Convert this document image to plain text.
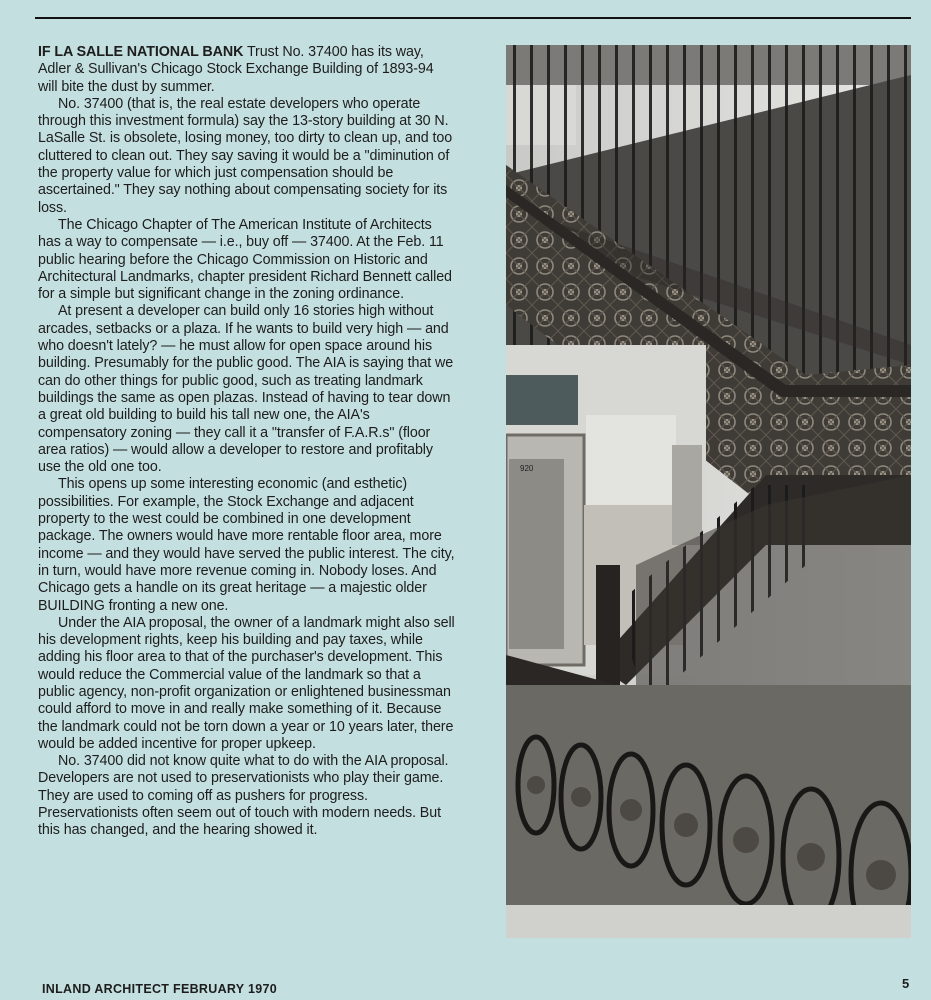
IF LA SALLE NATIONAL BANK Trust No. 37400 has its way, Adler & Sullivan's Chicago Stock Exchange Building of 1893-94 will bite the dust by summer.

No. 37400 (that is, the real estate developers who operate through this investment formula) say the 13-story building at 30 N. LaSalle St. is obsolete, losing money, too dirty to clean up, and too cluttered to clean out. They say saving it would be a "diminution of the property value for which just compensation should be ascertained." They say nothing about compensating society for its loss.

The Chicago Chapter of The American Institute of Architects has a way to compensate — i.e., buy off — 37400. At the Feb. 11 public hearing before the Chicago Commission on Historic and Architectural Landmarks, chapter president Richard Bennett called for a simple but significant change in the zoning ordinance.

At present a developer can build only 16 stories high without arcades, setbacks or a plaza. If he wants to build very high — and who doesn't lately? — he must allow for open space around his building. Presumably for the public good. The AIA is saying that we can do other things for public good, such as treating landmark buildings the same as open plazas. Instead of having to tear down a great old building to build his tall new one, the AIA's compensatory zoning — they call it a "transfer of F.A.R.s" (floor area ratios) — would allow a developer to restore and profitably use the old one too.

This opens up some interesting economic (and esthetic) possibilities. For example, the Stock Exchange and adjacent property to the west could be combined in one development package. The owners would have more rentable floor area, more income — and they would have served the public interest. The city, in turn, would have more revenue coming in. Nobody loses. And Chicago gets a handle on its great heritage — a majestic older BUILDING fronting a new one.

Under the AIA proposal, the owner of a landmark might also sell his development rights, keep his building and pay taxes, while adding his floor area to that of the purchaser's development. This would reduce the Commercial value of the landmark so that a public agency, non-profit organization or enlightened businessman could afford to move in and really make something of it. Because the landmark could not be torn down a year or 10 years later, there would be added incentive for proper upkeep.

No. 37400 did not know quite what to do with the AIA proposal. Developers are not used to preservationists who play their game. They are used to coming off as pushers for progress. Preservationists often seem out of touch with modern needs. But this has changed, and the hearing showed it.

920
INLAND ARCHITECT FEBRUARY 1970	5
